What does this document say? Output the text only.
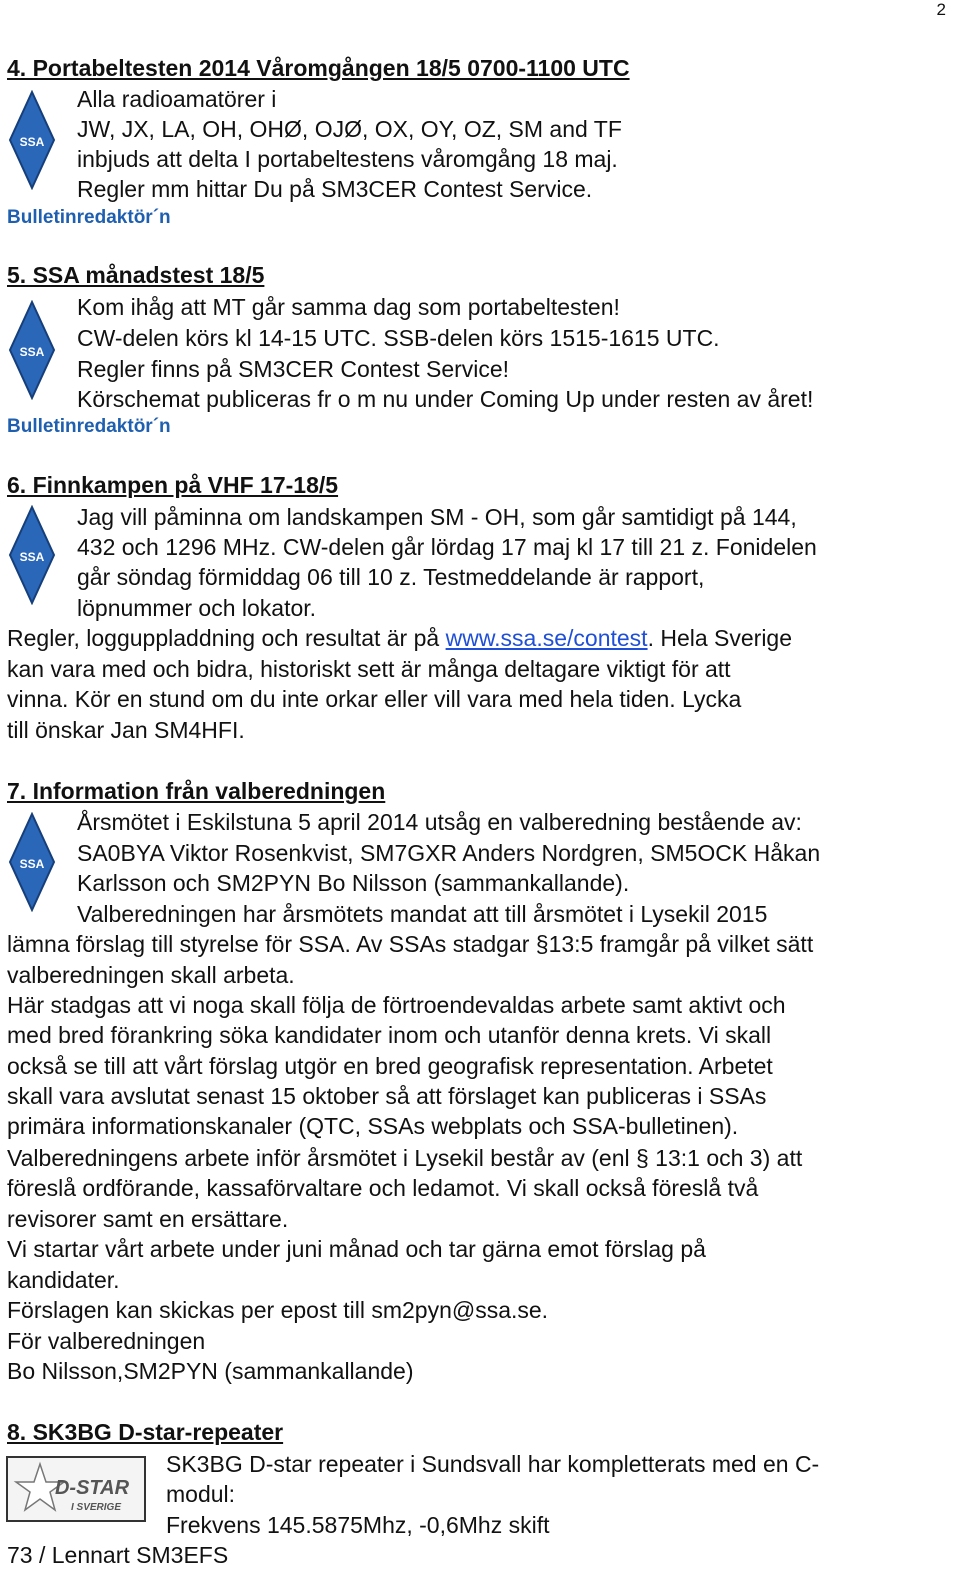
2
4. Portabeltesten 2014 Våromgången 18/5 0700-1100 UTC
SSA
Alla radioamatörer i
JW, JX, LA, OH, OHØ, OJØ, OX, OY, OZ, SM and TF
inbjuds att delta I portabeltestens våromgång 18 maj.
Regler mm hittar Du på SM3CER Contest Service.
Bulletinredaktör´n
5. SSA månadstest 18/5
SSA
Kom ihåg att MT går samma dag som portabeltesten!
CW-delen körs kl 14-15 UTC. SSB-delen körs 1515-1615 UTC.
Regler finns på SM3CER Contest Service!
Körschemat publiceras fr o m nu under Coming Up under resten av året!
Bulletinredaktör´n
6. Finnkampen på VHF 17-18/5
SSA
Jag vill påminna om landskampen SM - OH, som går samtidigt på 144,
432 och 1296 MHz. CW-delen går lördag 17 maj kl 17 till 21 z. Fonidelen
går söndag förmiddag 06 till 10 z. Testmeddelande är rapport,
löpnummer och lokator.
Regler, logguppladdning och resultat är på www.ssa.se/contest. Hela Sverige
kan vara med och bidra, historiskt sett är många deltagare viktigt för att
vinna. Kör en stund om du inte orkar eller vill vara med hela tiden. Lycka
till önskar Jan SM4HFI.
7. Information från valberedningen
SSA
Årsmötet i Eskilstuna 5 april 2014 utsåg en valberedning bestående av:
SA0BYA Viktor Rosenkvist, SM7GXR Anders Nordgren, SM5OCK Håkan
Karlsson och SM2PYN Bo Nilsson (sammankallande).
Valberedningen har årsmötets mandat att till årsmötet i Lysekil 2015
lämna förslag till styrelse för SSA. Av SSAs stadgar §13:5 framgår på vilket sätt
valberedningen skall arbeta.
Här stadgas att vi noga skall följa de förtroendevaldas arbete samt aktivt och
med bred förankring söka kandidater inom och utanför denna krets. Vi skall
också se till att vårt förslag utgör en bred geografisk representation. Arbetet
skall vara avslutat senast 15 oktober så att förslaget kan publiceras i SSAs
primära informationskanaler (QTC, SSAs webplats och SSA-bulletinen).
Valberedningens arbete inför årsmötet i Lysekil består av (enl § 13:1 och 3) att
föreslå ordförande, kassaförvaltare och ledamot. Vi skall också föreslå två
revisorer samt en ersättare.
Vi startar vårt arbete under juni månad och tar gärna emot förslag på
kandidater.
Förslagen kan skickas per epost till sm2pyn@ssa.se.
För valberedningen
Bo Nilsson,SM2PYN (sammankallande)
8. SK3BG D-star-repeater
D-STAR
I SVERIGE
SK3BG D-star repeater i Sundsvall har kompletterats med en C-
modul:
Frekvens 145.5875Mhz, -0,6Mhz skift
73 / Lennart SM3EFS
